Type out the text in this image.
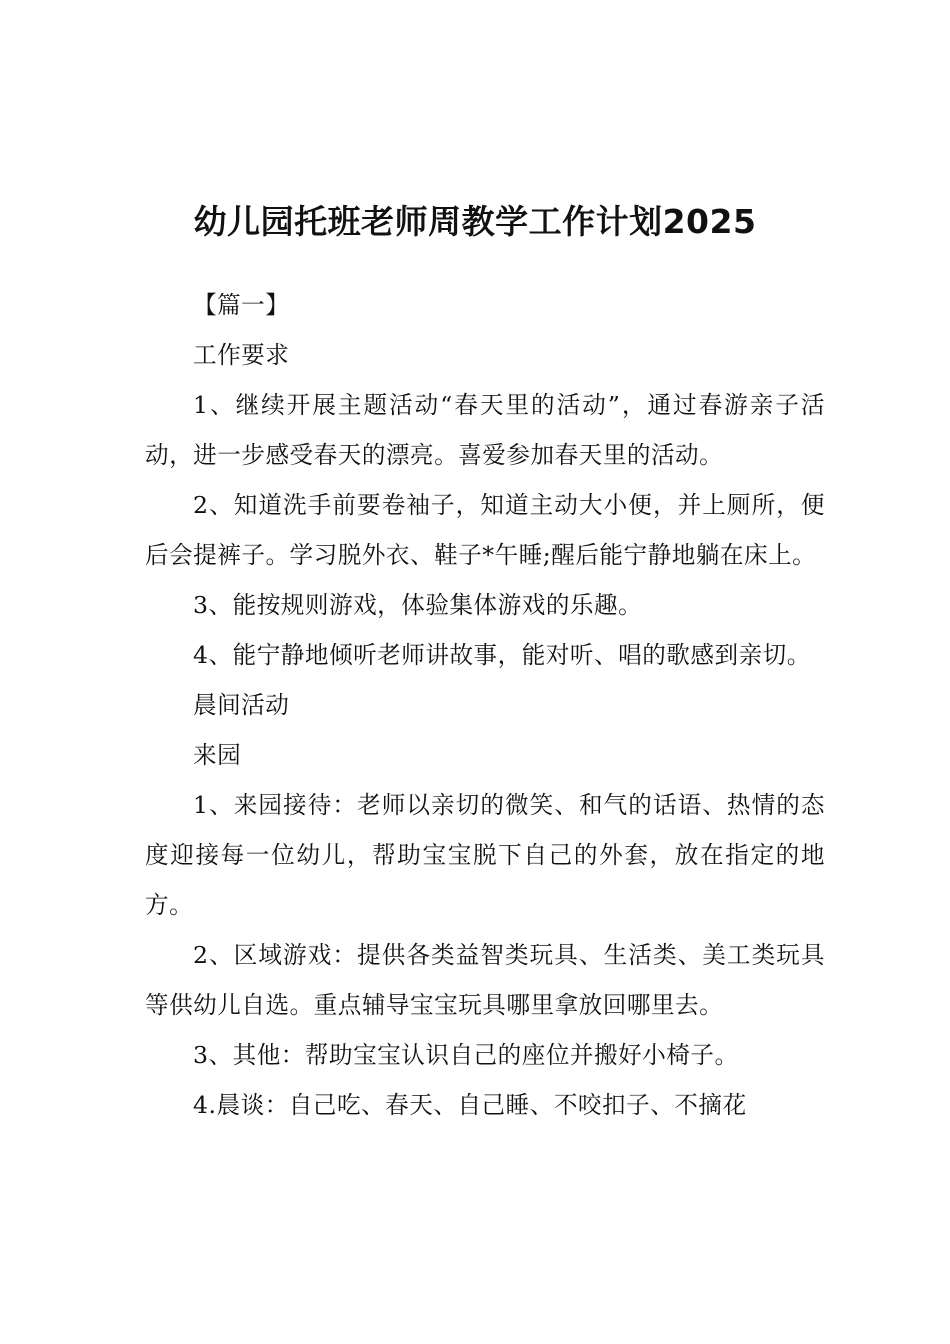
幼儿园托班老师周教学工作计划2025

【篇一】

工作要求

1、继续开展主题活动“春天里的活动”，通过春游亲子活动，进一步感受春天的漂亮。喜爱参加春天里的活动。

2、知道洗手前要卷袖子，知道主动大小便，并上厕所，便后会提裤子。学习脱外衣、鞋子*午睡;醒后能宁静地躺在床上。

3、能按规则游戏，体验集体游戏的乐趣。

4、能宁静地倾听老师讲故事，能对听、唱的歌感到亲切。

晨间活动

来园

1、来园接待：老师以亲切的微笑、和气的话语、热情的态度迎接每一位幼儿，帮助宝宝脱下自己的外套，放在指定的地方。

2、区域游戏：提供各类益智类玩具、生活类、美工类玩具等供幼儿自选。重点辅导宝宝玩具哪里拿放回哪里去。

3、其他：帮助宝宝认识自己的座位并搬好小椅子。

4.晨谈：自己吃、春天、自己睡、不咬扣子、不摘花
